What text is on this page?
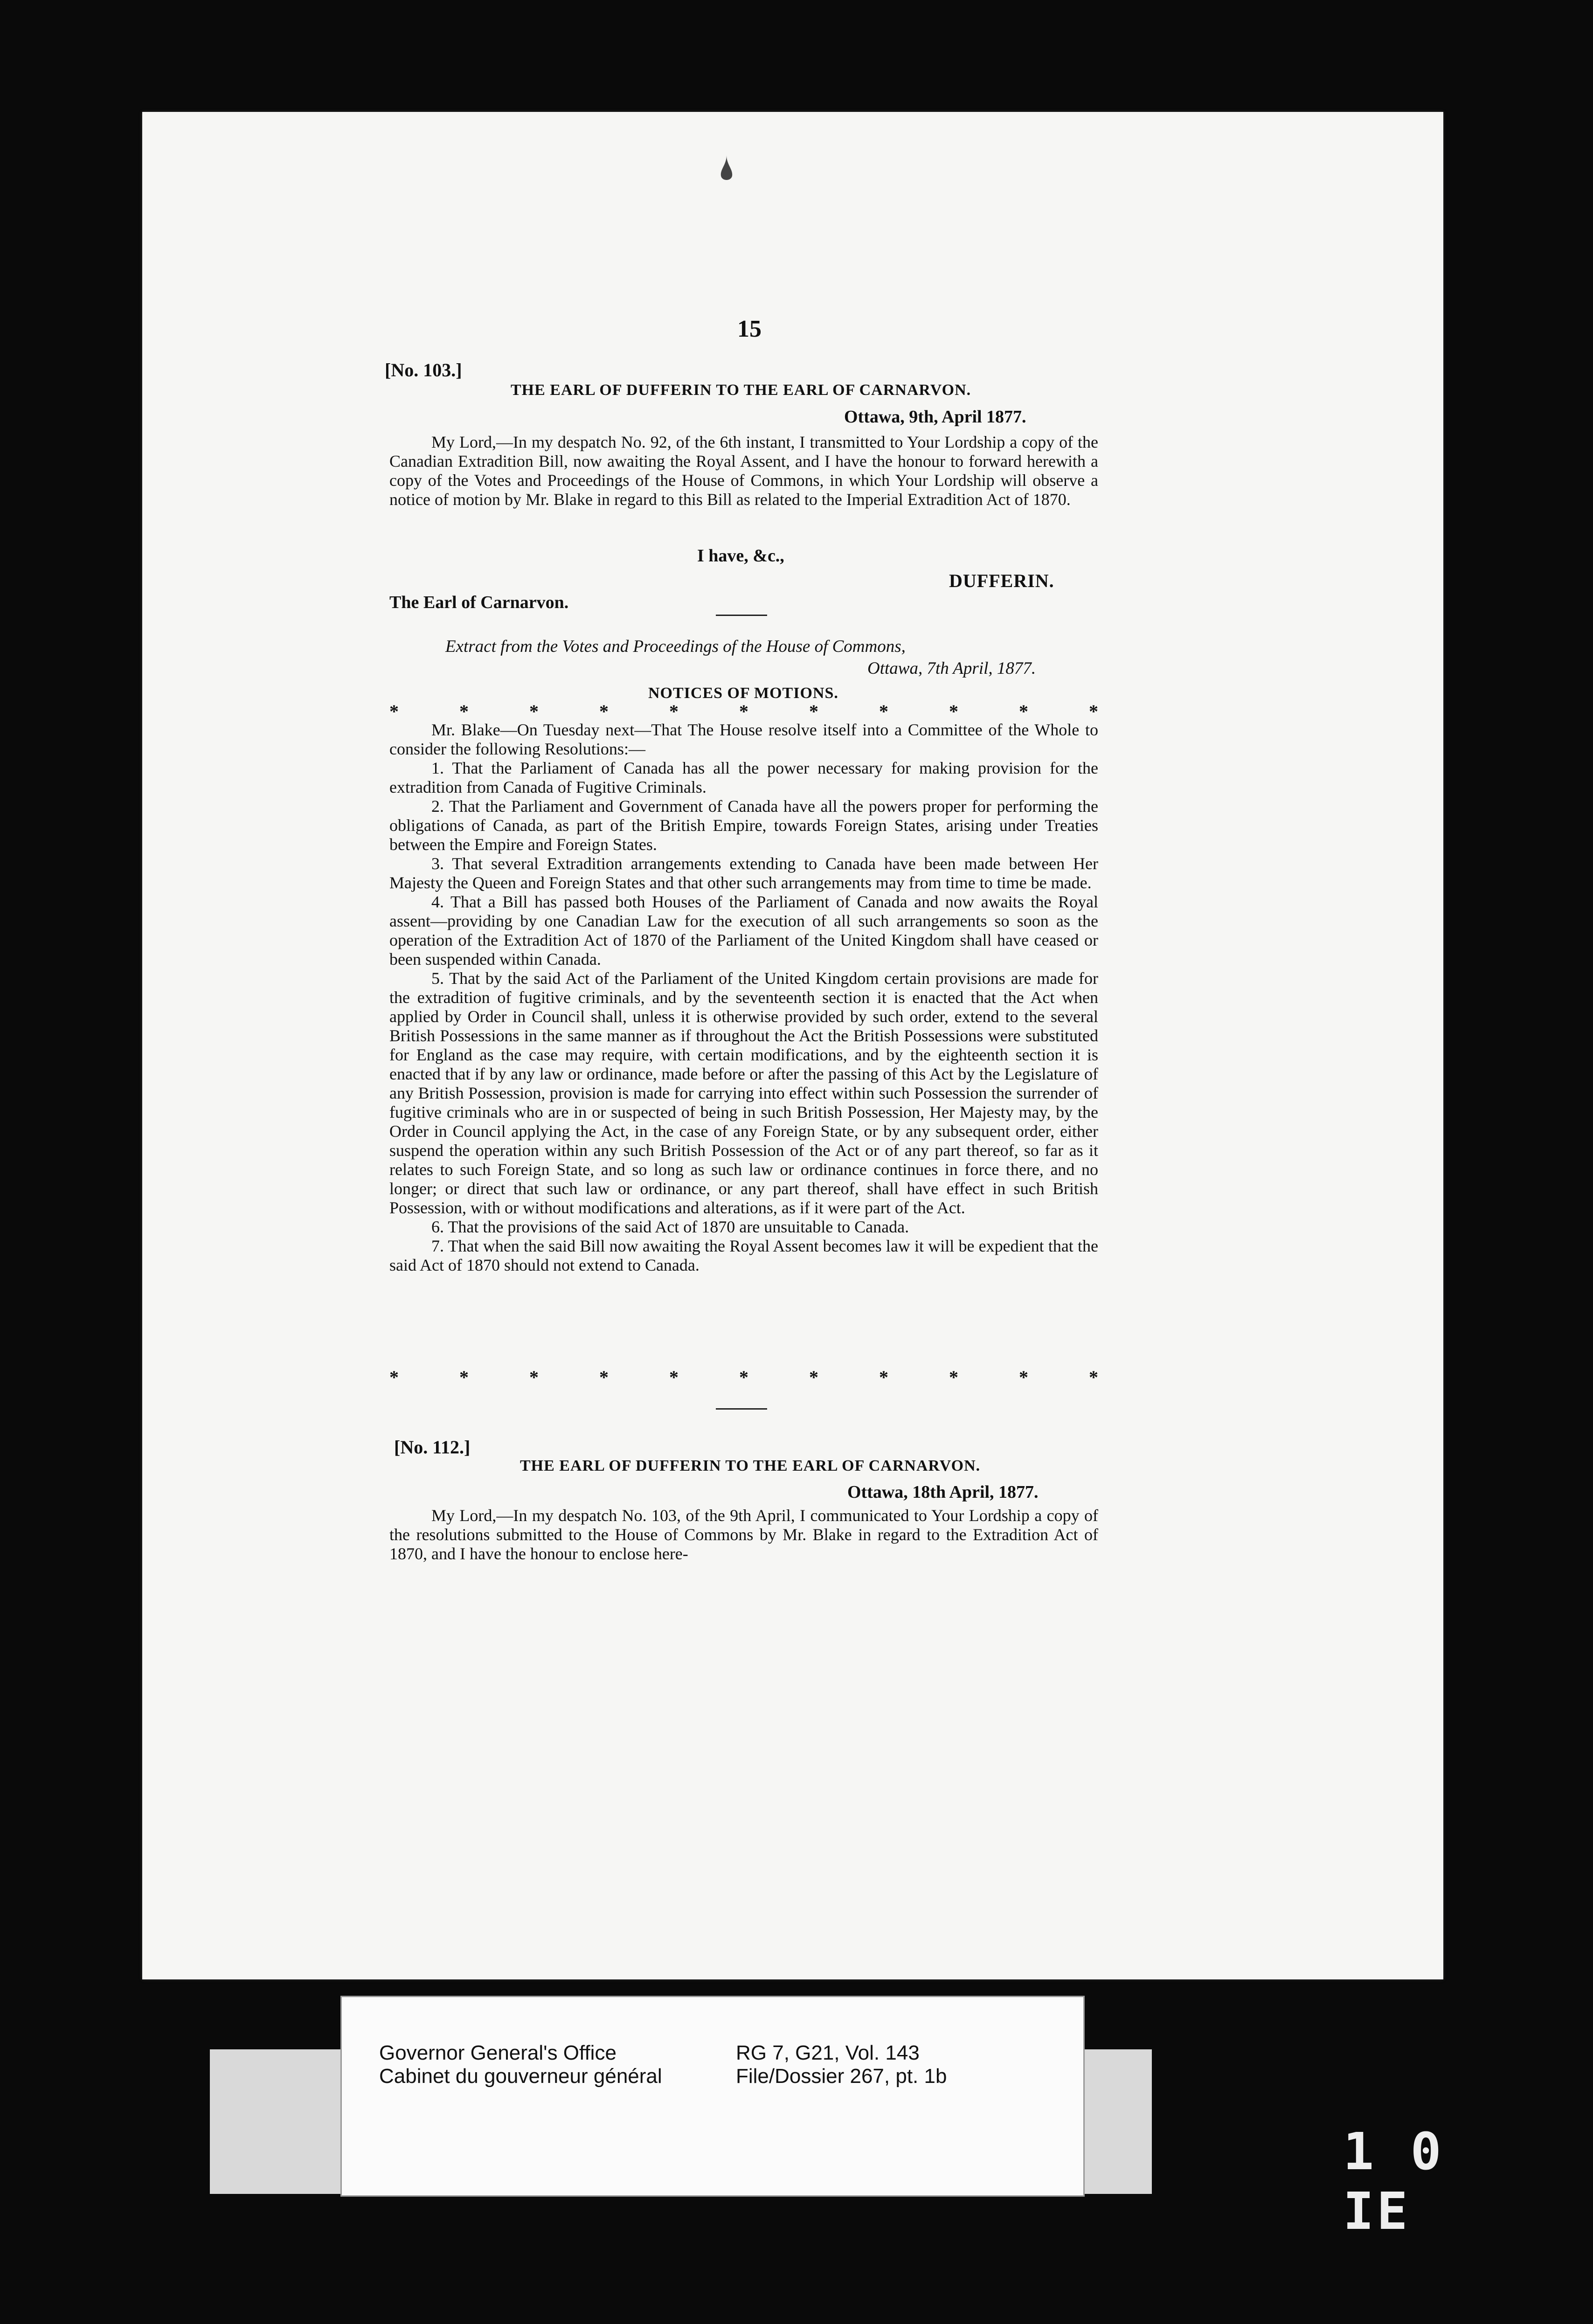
15
[No. 103.]
THE EARL OF DUFFERIN TO THE EARL OF CARNARVON.
Ottawa, 9th, April 1877.

My Lord,—In my despatch No. 92, of the 6th instant, I transmitted to Your Lordship a copy of the Canadian Extradition Bill, now awaiting the Royal Assent, and I have the honour to forward herewith a copy of the Votes and Proceedings of the House of Commons, in which Your Lordship will observe a notice of motion by Mr. Blake in regard to this Bill as related to the Imperial Extradition Act of 1870.

I have, &c.,
DUFFERIN.
The Earl of Carnarvon.
Extract from the Votes and Proceedings of the House of Commons,
Ottawa, 7th April, 1877.
NOTICES OF MOTIONS.
*	*	*	*	*	*	*	*	*	*	*

Mr. Blake—On Tuesday next—That The House resolve itself into a Committee of the Whole to consider the following Resolutions:—

1. That the Parliament of Canada has all the power necessary for making provision for the extradition from Canada of Fugitive Criminals.

2. That the Parliament and Government of Canada have all the powers proper for performing the obligations of Canada, as part of the British Empire, towards Foreign States, arising under Treaties between the Empire and Foreign States.

3. That several Extradition arrangements extending to Canada have been made between Her Majesty the Queen and Foreign States and that other such arrangements may from time to time be made.

4. That a Bill has passed both Houses of the Parliament of Canada and now awaits the Royal assent—providing by one Canadian Law for the execution of all such arrangements so soon as the operation of the Extradition Act of 1870 of the Parliament of the United Kingdom shall have ceased or been suspended within Canada.

5. That by the said Act of the Parliament of the United Kingdom certain provisions are made for the extradition of fugitive criminals, and by the seventeenth section it is enacted that the Act when applied by Order in Council shall, unless it is otherwise provided by such order, extend to the several British Possessions in the same manner as if throughout the Act the British Possessions were substituted for England as the case may require, with certain modifications, and by the eighteenth section it is enacted that if by any law or ordinance, made before or after the passing of this Act by the Legislature of any British Possession, provision is made for carrying into effect within such Possession the surrender of fugitive criminals who are in or suspected of being in such British Possession, Her Majesty may, by the Order in Council applying the Act, in the case of any Foreign State, or by any subsequent order, either suspend the operation within any such British Possession of the Act or of any part thereof, so far as it relates to such Foreign State, and so long as such law or ordinance continues in force there, and no longer; or direct that such law or ordinance, or any part thereof, shall have effect in such British Possession, with or without modifications and alterations, as if it were part of the Act.

6. That the provisions of the said Act of 1870 are unsuitable to Canada.

7. That when the said Bill now awaiting the Royal Assent becomes law it will be expedient that the said Act of 1870 should not extend to Canada.

*	*	*	*	*	*	*	*	*	*	*
[No. 112.]
THE EARL OF DUFFERIN TO THE EARL OF CARNARVON.
Ottawa, 18th April, 1877.

My Lord,—In my despatch No. 103, of the 9th April, I communicated to Your Lordship a copy of the resolutions submitted to the House of Commons by Mr. Blake in regard to the Extradition Act of 1870, and I have the honour to enclose here-

Governor General's Office
Cabinet du gouverneur général
RG 7, G21, Vol. 143
File/Dossier 267, pt. 1b
1 0 IE
